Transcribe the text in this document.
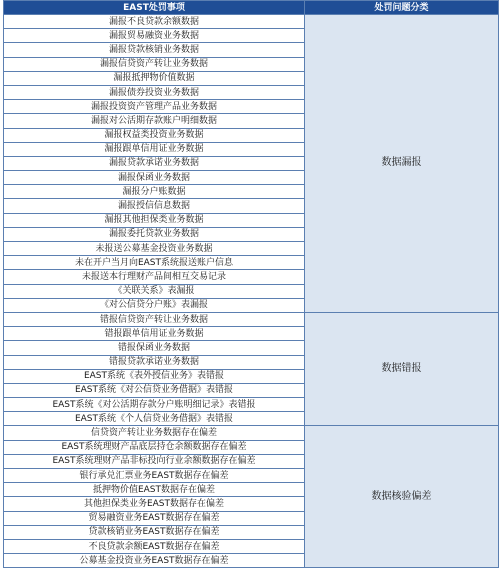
EAST处罚事项	处罚问题分类
漏报不良贷款余额数据	数据漏报
漏报贸易融资业务数据	
漏报贷款核销业务数据	
漏报信贷资产转让业务数据	
漏报抵押物价值数据	
漏报债券投资业务数据	
漏报投资资产管理产品业务数据	
漏报对公活期存款账户明细数据	
漏报权益类投资业务数据	
漏报跟单信用证业务数据	
漏报贷款承诺业务数据	
漏报保函业务数据	
漏报分户账数据	
漏报授信信息数据	
漏报其他担保类业务数据	
漏报委托贷款业务数据	
未报送公募基金投资业务数据	
未在开户当月向EAST系统报送账户信息	
未报送本行理财产品间相互交易记录	
《关联关系》表漏报	
《对公信贷分户账》表漏报	
错报信贷资产转让业务数据	数据错报
错报跟单信用证业务数据	
错报保函业务数据	
错报贷款承诺业务数据	
EAST系统《表外授信业务》表错报	
EAST系统《对公信贷业务借据》表错报	
EAST系统《对公活期存款分户账明细记录》表错报	
EAST系统《个人信贷业务借据》表错报	
信贷资产转让业务数据存在偏差	数据核验偏差
EAST系统理财产品底层持仓余额数据存在偏差	
EAST系统理财产品非标投向行业余额数据存在偏差	
银行承兑汇票业务EAST数据存在偏差	
抵押物价值EAST数据存在偏差	
其他担保类业务EAST数据存在偏差	
贸易融资业务EAST数据存在偏差	
贷款核销业务EAST数据存在偏差	
不良贷款余额EAST数据存在偏差	
公募基金投资业务EAST数据存在偏差	
